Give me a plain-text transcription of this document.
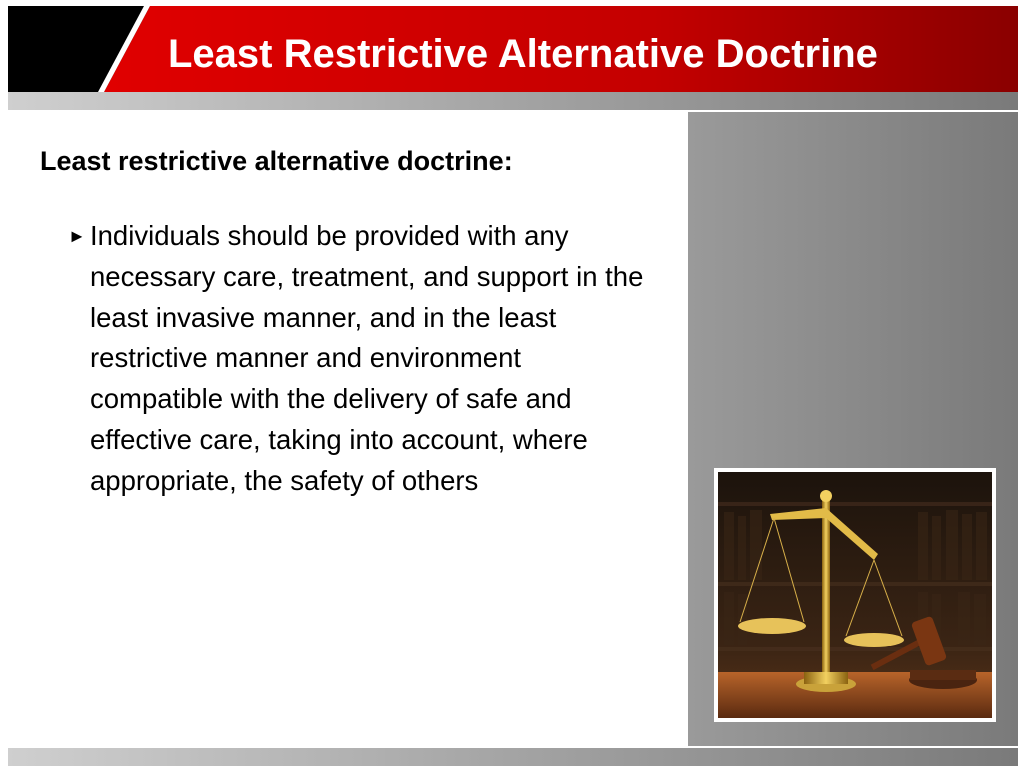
Least Restrictive Alternative Doctrine
Least restrictive alternative doctrine:
► Individuals should be provided with any necessary care, treatment, and support in the least invasive manner, and in the least restrictive manner and environment compatible with the delivery of safe and effective care, taking into account, where appropriate, the safety of others
